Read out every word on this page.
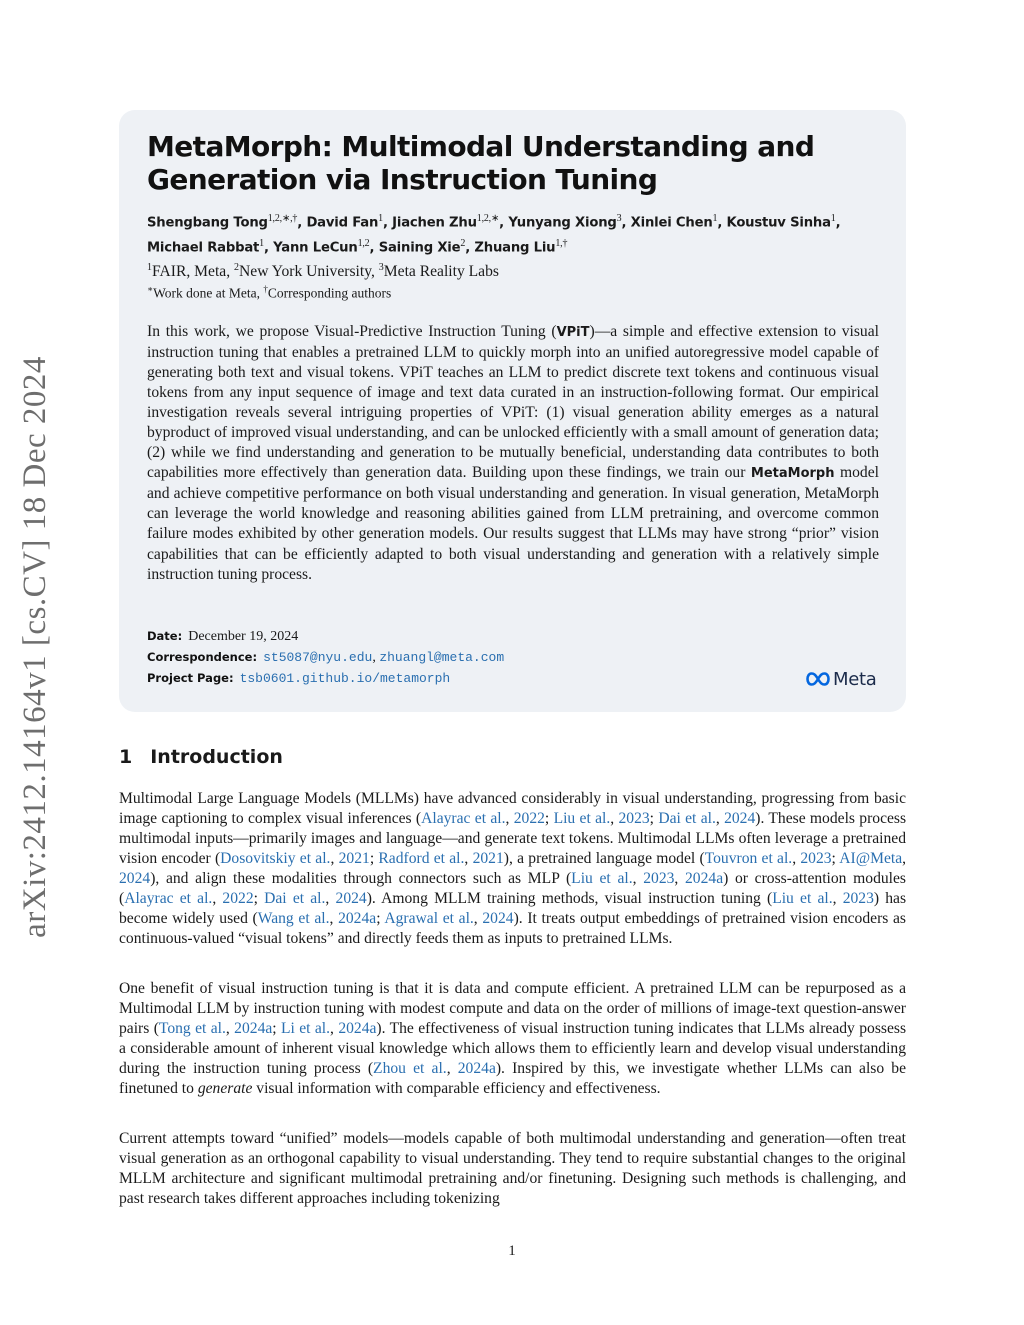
arXiv:2412.14164v1 [cs.CV] 18 Dec 2024
MetaMorph: Multimodal Understanding and Generation via Instruction Tuning
Shengbang Tong$^{1,2,∗,\dagger}$, David Fan$^1$, Jiachen Zhu$^{1,2,∗}$, Yunyang Xiong$^3$, Xinlei Chen$^1$, Koustuv Sinha$^1$,
Michael Rabbat$^1$, Yann LeCun$^{1,2}$, Saining Xie$^2$, Zhuang Liu$^{1,\dagger}$
$^1$FAIR, Meta, $^2$New York University, $^3$Meta Reality Labs
∗Work done at Meta, †Corresponding authors

In this work, we propose Visual-Predictive Instruction Tuning (VPiT)—a simple and effective extension to visual instruction tuning that enables a pretrained LLM to quickly morph into an unified autoregressive model capable of generating both text and visual tokens. VPiT teaches an LLM to predict discrete text tokens and continuous visual tokens from any input sequence of image and text data curated in an instruction-following format. Our empirical investigation reveals several intriguing properties of VPiT: (1) visual generation ability emerges as a natural byproduct of improved visual understanding, and can be unlocked efficiently with a small amount of generation data; (2) while we find understanding and generation to be mutually beneficial, understanding data contributes to both capabilities more effectively than generation data. Building upon these findings, we train our MetaMorph model and achieve competitive performance on both visual understanding and generation. In visual generation, MetaMorph can leverage the world knowledge and reasoning abilities gained from LLM pretraining, and overcome common failure modes exhibited by other generation models. Our results suggest that LLMs may have strong “prior” vision capabilities that can be efficiently adapted to both visual understanding and generation with a relatively simple instruction tuning process.

Date: December 19, 2024
Correspondence: st5087@nyu.edu, zhuangl@meta.com
Project Page: tsb0601.github.io/metamorph	Meta
1 Introduction

Multimodal Large Language Models (MLLMs) have advanced considerably in visual understanding, progressing from basic image captioning to complex visual inferences (Alayrac et al., 2022; Liu et al., 2023; Dai et al., 2024). These models process multimodal inputs—primarily images and language—and generate text tokens. Multimodal LLMs often leverage a pretrained vision encoder (Dosovitskiy et al., 2021; Radford et al., 2021), a pretrained language model (Touvron et al., 2023; AI@Meta, 2024), and align these modalities through connectors such as MLP (Liu et al., 2023, 2024a) or cross-attention modules (Alayrac et al., 2022; Dai et al., 2024). Among MLLM training methods, visual instruction tuning (Liu et al., 2023) has become widely used (Wang et al., 2024a; Agrawal et al., 2024). It treats output embeddings of pretrained vision encoders as continuous-valued “visual tokens” and directly feeds them as inputs to pretrained LLMs.

One benefit of visual instruction tuning is that it is data and compute efficient. A pretrained LLM can be repurposed as a Multimodal LLM by instruction tuning with modest compute and data on the order of millions of image-text question-answer pairs (Tong et al., 2024a; Li et al., 2024a). The effectiveness of visual instruction tuning indicates that LLMs already possess a considerable amount of inherent visual knowledge which allows them to efficiently learn and develop visual understanding during the instruction tuning process (Zhou et al., 2024a). Inspired by this, we investigate whether LLMs can also be finetuned to generate visual information with comparable efficiency and effectiveness.

Current attempts toward “unified” models—models capable of both multimodal understanding and generation—often treat visual generation as an orthogonal capability to visual understanding. They tend to require substantial changes to the original MLLM architecture and significant multimodal pretraining and/or finetuning. Designing such methods is challenging, and past research takes different approaches including tokenizing

1
